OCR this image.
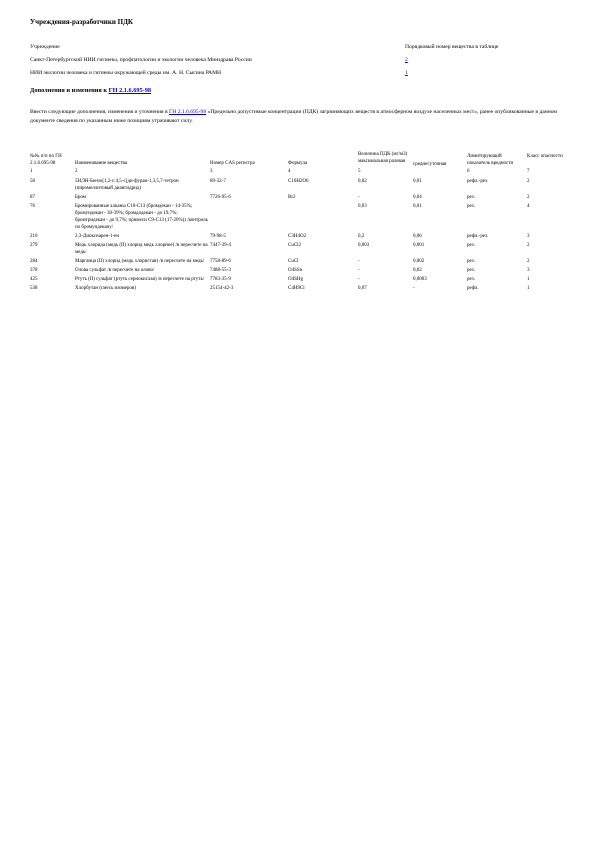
Учреждения-разработчики ПДК
Учреждение	Порядковый номер вещества в таблице
Санкт-Петербургский НИИ гигиены, профпатологии и экологии человека Минздрава России	2
НИИ экологии человека и гигиены окружающей среды им. А. Н. Сысина РАМН	1
Дополнения и изменения к ГН 2.1.6.695-98
Ввести следующие дополнения, изменения и уточнения в ГН 2.1.6.695-98 «Предельно допустимые концентрации (ПДК) загрязняющих веществ в атмосферном воздухе населенных мест», ранее опубликованные в данном документе сведения по указанным ниже позициям утрачивают силу.
№№ п/п по ГН 2.1.6.695-98	Наименование вещества	Номер CAS регистра	Формула	Величина ПДК (мг/м3)		Лимитирующий показатель вредности	Класс опасности
				максимальная разовая	среднесуточная		
1	2	3	4	5		6	7
58	5H,9H-Бензо[1,2-c:4,5-c]ди-фуран-1,3,5,7-тетрон (пиромеллитовый диангидрид)	89-32-7	C10H2O6	0,02	0,01	рефл.-рез.	2
87	Бром	7726-95-6	Br2	-	0,04	рез.	2
76	Бромированные алканы C10-C13 (бромдекан - 14-35%; бромундекан - 30-39%; бромдодекан - до 19,7%; бромтридекан - до 9,7%; примеси C9-C13 (17-20%)) /контроль по бромундекану/			0,03	0,01	рез.	4
210	2,3-Диоксиарен-1-ен	79-98-5	C3H4O2	0,2	0,06	рефл.-рез.	3
279	Медь хлорида (медь (II) хлорид медь хлорное) /в пересчете на медь/	7447-39-4	CuCl2	0,003	0,001	рез.	2
284	Марганца (II) хлорид (медь хлористая) /в пересчете на медь/	7758-89-6	CuCl	-	0,002	рез.	2
378	Олова сульфат /в пересчете на олово/	7488-55-3	O4SSn	-	0,02	рез.	3
425	Ртуть (II) сульфат (ртуть сернокислая) /в пересчете на ртуть/	7783-35-9	O4SHg	-	0,0003	рез.	1
538	Хлорбутан (смесь изомеров)	25154-42-3	C4H9Cl	0,07	-	рефл.	1
